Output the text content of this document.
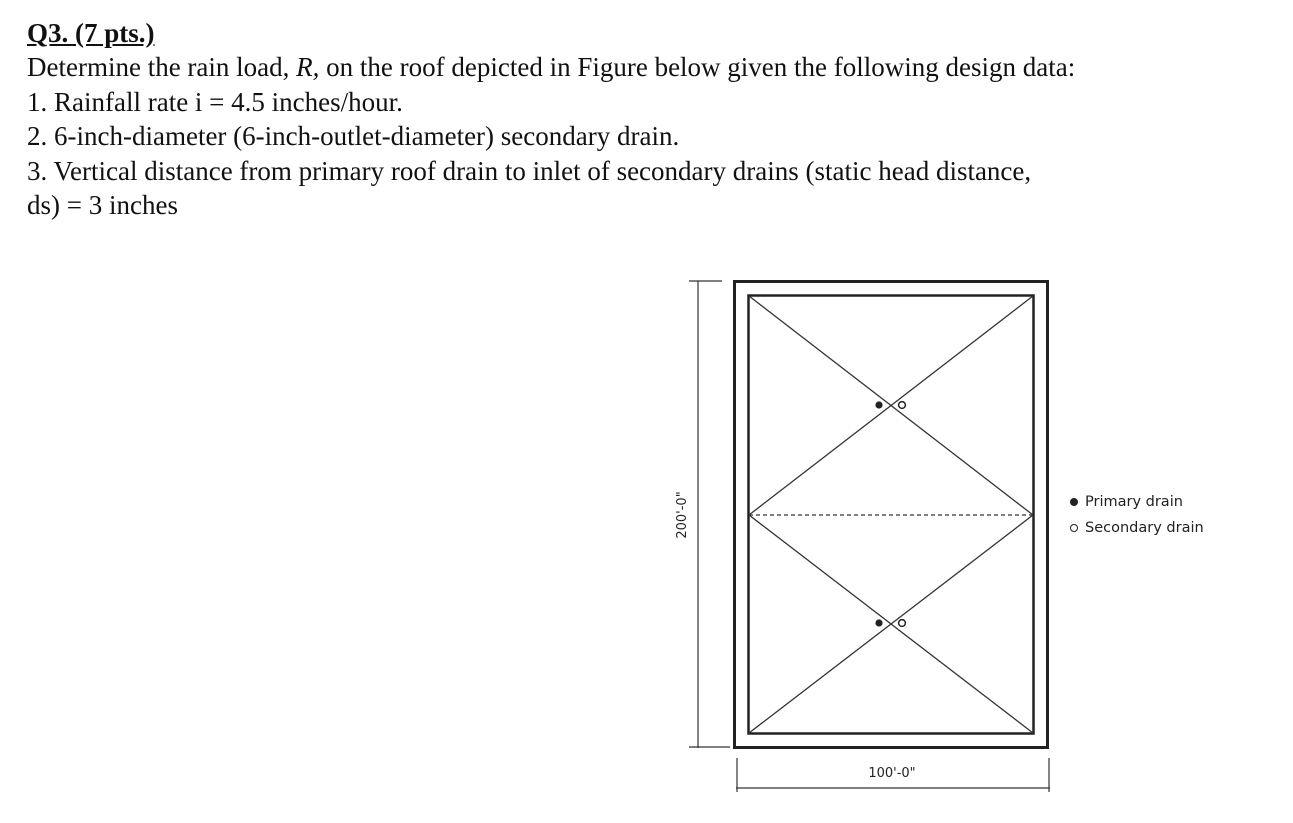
Q3. (7 pts.)

Determine the rain load, R, on the roof depicted in Figure below given the following design data:

1. Rainfall rate i = 4.5 inches/hour.

2. 6-inch-diameter (6-inch-outlet-diameter) secondary drain.

3. Vertical distance from primary roof drain to inlet of secondary drains (static head distance,

ds) = 3 inches

200'-0"
100'-0"
Primary drain
Secondary drain
